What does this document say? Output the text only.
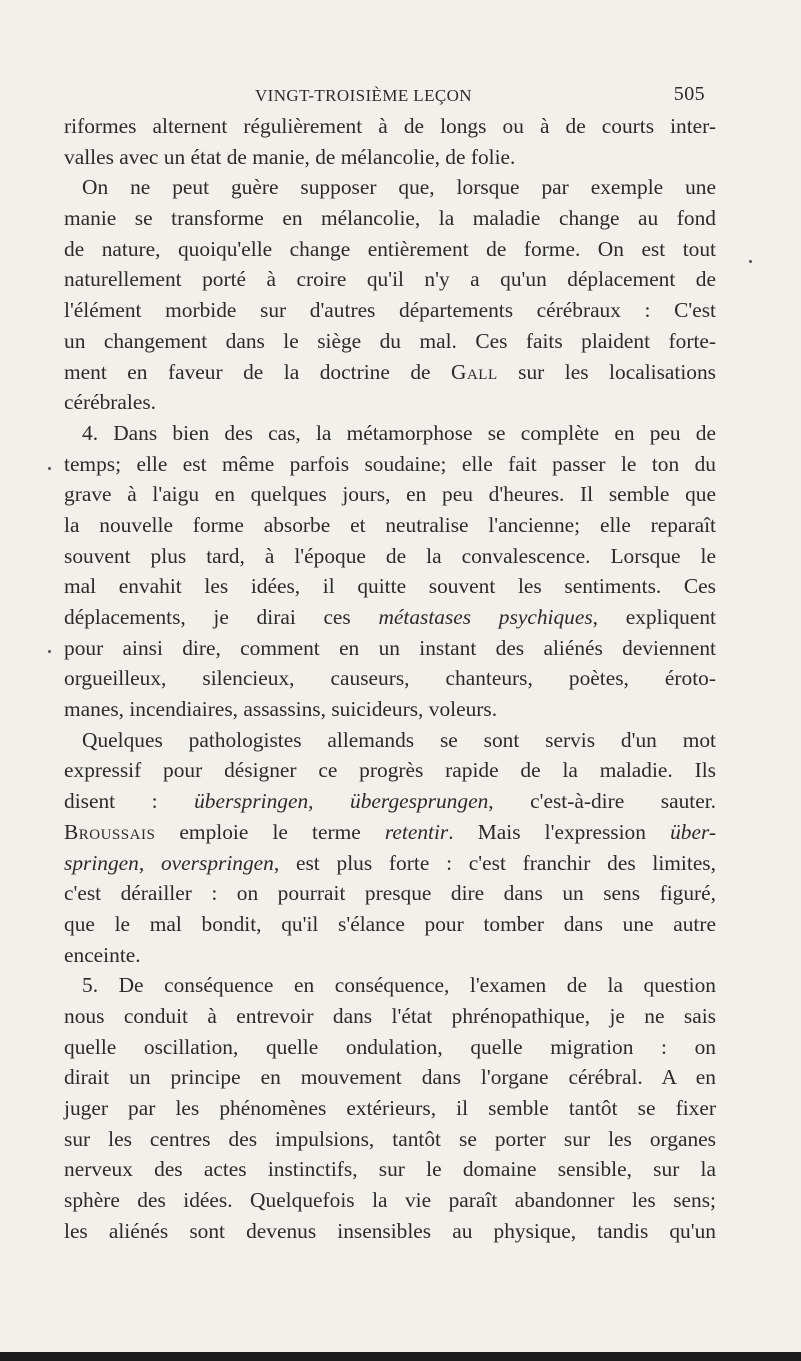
VINGT-TROISIÈME LEÇON	505
riformes alternent régulièrement à de longs ou à de courts inter-
valles avec un état de manie, de mélancolie, de folie.
On ne peut guère supposer que, lorsque par exemple une
manie se transforme en mélancolie, la maladie change au fond
de nature, quoiqu'elle change entièrement de forme. On est tout
naturellement porté à croire qu'il n'y a qu'un déplacement de
l'élément morbide sur d'autres départements cérébraux : C'est
un changement dans le siège du mal. Ces faits plaident forte-
ment en faveur de la doctrine de Gall sur les localisations
cérébrales.
4. Dans bien des cas, la métamorphose se complète en peu de
temps; elle est même parfois soudaine; elle fait passer le ton du
grave à l'aigu en quelques jours, en peu d'heures. Il semble que
la nouvelle forme absorbe et neutralise l'ancienne; elle reparaît
souvent plus tard, à l'époque de la convalescence. Lorsque le
mal envahit les idées, il quitte souvent les sentiments. Ces
déplacements, je dirai ces métastases psychiques, expliquent
pour ainsi dire, comment en un instant des aliénés deviennent
orgueilleux, silencieux, causeurs, chanteurs, poètes, éroto-
manes, incendiaires, assassins, suicideurs, voleurs.
Quelques pathologistes allemands se sont servis d'un mot
expressif pour désigner ce progrès rapide de la maladie. Ils
disent : überspringen, übergesprungen, c'est-à-dire sauter.
Broussais emploie le terme retentir. Mais l'expression über-
springen, overspringen, est plus forte : c'est franchir des limites,
c'est dérailler : on pourrait presque dire dans un sens figuré,
que le mal bondit, qu'il s'élance pour tomber dans une autre
enceinte.
5. De conséquence en conséquence, l'examen de la question
nous conduit à entrevoir dans l'état phrénopathique, je ne sais
quelle oscillation, quelle ondulation, quelle migration : on
dirait un principe en mouvement dans l'organe cérébral. A en
juger par les phénomènes extérieurs, il semble tantôt se fixer
sur les centres des impulsions, tantôt se porter sur les organes
nerveux des actes instinctifs, sur le domaine sensible, sur la
sphère des idées. Quelquefois la vie paraît abandonner les sens;
les aliénés sont devenus insensibles au physique, tandis qu'un
